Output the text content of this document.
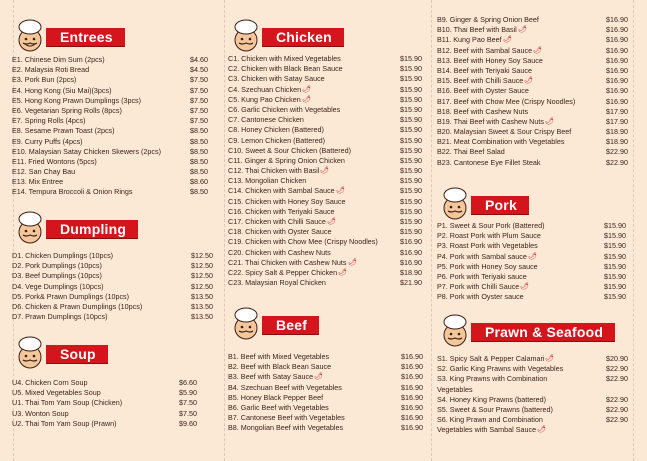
Entrees
E1. Chinese Dim Sum (2pcs)	$4.60
E2. Malaysia Roti Bread	$4.50
E3. Pork Bun (2pcs)	$7.50
E4. Hong Kong (Siu Mai)(3pcs)	$7.50
E5. Hong Kong Prawn Dumplings (3pcs)	$7.50
E6. Vegetarian Spring Rolls (8pcs)	$7.50
E7. Spring Rolls (4pcs)	$7.50
E8. Sesame Prawn Toast (2pcs)	$8.50
E9. Curry Puffs (4pcs)	$8.50
E10. Malaysian Satay Chicken Skewers (2pcs)	$8.50
E11. Fried Wontons (5pcs)	$8.50
E12. San Chay Bau	$8.50
E13. Mix Entree	$8.60
E14. Tempura Broccoli & Onion Rings	$8.50
Dumpling
D1. Chicken Dumplings (10pcs)	$12.50
D2. Pork Dumplings (10pcs)	$12.50
D3. Beef Dumplings (10pcs)	$12.50
D4. Vege Dumplings (10pcs)	$12.50
D5. Pork& Prawn Dumplings (10pcs)	$13.50
D6. Chicken & Prawn Dumplings (10pcs)	$13.50
D7. Prawn Dumplings (10pcs)	$13.50
Soup
U4. Chicken Corn Soup	$6.60
U5. Mixed Vegetables Soup	$5.90
U1. Thai Tom Yam Soup (Chicken)	$7.50
U3. Wonton Soup	$7.50
U2. Thai Tom Yam Soup (Prawn)	$9.60
Chicken
C1. Chicken with Mixed Vegetables	$15.90
C2. Chicken with Black Bean Sauce	$15.90
C3. Chicken with Satay Sauce	$15.90
C4. Szechuan Chicken 🌶	$15.90
C5. Kung Pao Chicken 🌶	$15.90
C6. Garlic Chicken with Vegetables	$15.90
C7. Cantonese Chicken	$15.90
C8. Honey Chicken (Battered)	$15.90
C9. Lemon Chicken (Battered)	$15.90
C10. Sweet & Sour Chicken (Battered)	$15.90
C11. Ginger & Spring Onion Chicken	$15.90
C12. Thai Chicken with Basil 🌶	$15.90
C13. Mongolian Chicken	$15.90
C14. Chicken with Sambal Sauce 🌶	$15.90
C15. Chicken with Honey Soy Sauce	$15.90
C16. Chicken with Teriyaki Sauce	$15.90
C17. Chicken with Chilli Sauce 🌶	$15.90
C18. Chicken with Oyster Sauce	$15.90
C19. Chicken with Chow Mee (Crispy Noodles)	$16.90
C20. Chicken with Cashew Nuts	$16.90
C21. Thai Chicken with Cashew Nuts 🌶	$16.90
C22. Spicy Salt & Pepper Chicken 🌶	$18.90
C23. Malaysian Royal Chicken	$21.90
Beef
B1. Beef with Mixed Vegetables	$16.90
B2. Beef with Black Bean Sauce	$16.90
B3. Beef with Satay Sauce 🌶	$16.90
B4. Szechuan Beef with Vegetables	$16.90
B5. Honey Black Pepper Beef	$16.90
B6. Garlic Beef with Vegetables	$16.90
B7. Cantonese Beef with Vegetables	$16.90
B8. Mongolian Beef with Vegetables	$16.90
B9. Ginger & Spring Onion Beef	$16.90
B10. Thai Beef with Basil 🌶	$16.90
B11. Kung Pao Beef 🌶	$16.90
B12. Beef with Sambal Sauce 🌶	$16.90
B13. Beef with Honey Soy Sauce	$16.90
B14. Beef with Teriyaki Sauce	$16.90
B15. Beef with Chilli Sauce 🌶	$16.90
B16. Beef with Oyster Sauce	$16.90
B17. Beef with Chow Mee (Crispy Noodles)	$16.90
B18. Beef with Cashew Nuts	$17.90
B19. Thai Beef with Cashew Nuts 🌶	$17.90
B20. Malaysian Sweet & Sour Crispy Beef	$18.90
B21. Meat Combination with Vegetables	$18.90
B22. Thai Beef Salad	$22.90
B23. Cantonese Eye Fillet Steak	$22.90
Pork
P1. Sweet & Sour Pork (Battered)	$15.90
P2. Roast Pork with Plum Sauce	$15.90
P3. Roast Pork with Vegetables	$15.90
P4. Pork with Sambal sauce 🌶	$15.90
P5. Pork with Honey Soy sauce	$15.90
P6. Pork with Teriyaki sauce	$15.90
P7. Pork with Chilli Sauce 🌶	$15.90
P8. Pork with Oyster sauce	$15.90
Prawn & Seafood
S1. Spicy Salt & Pepper Calamari 🌶	$20.90
S2. Garlic King Prawns with Vegetables	$22.90
S3. King Prawns with Combination	$22.90
Vegetables
S4. Honey King Prawns (battered)	$22.90
S5. Sweet & Sour Prawns (battered)	$22.90
S6. King Prawn and Combination	$22.90
Vegetables with Sambal Sauce 🌶
